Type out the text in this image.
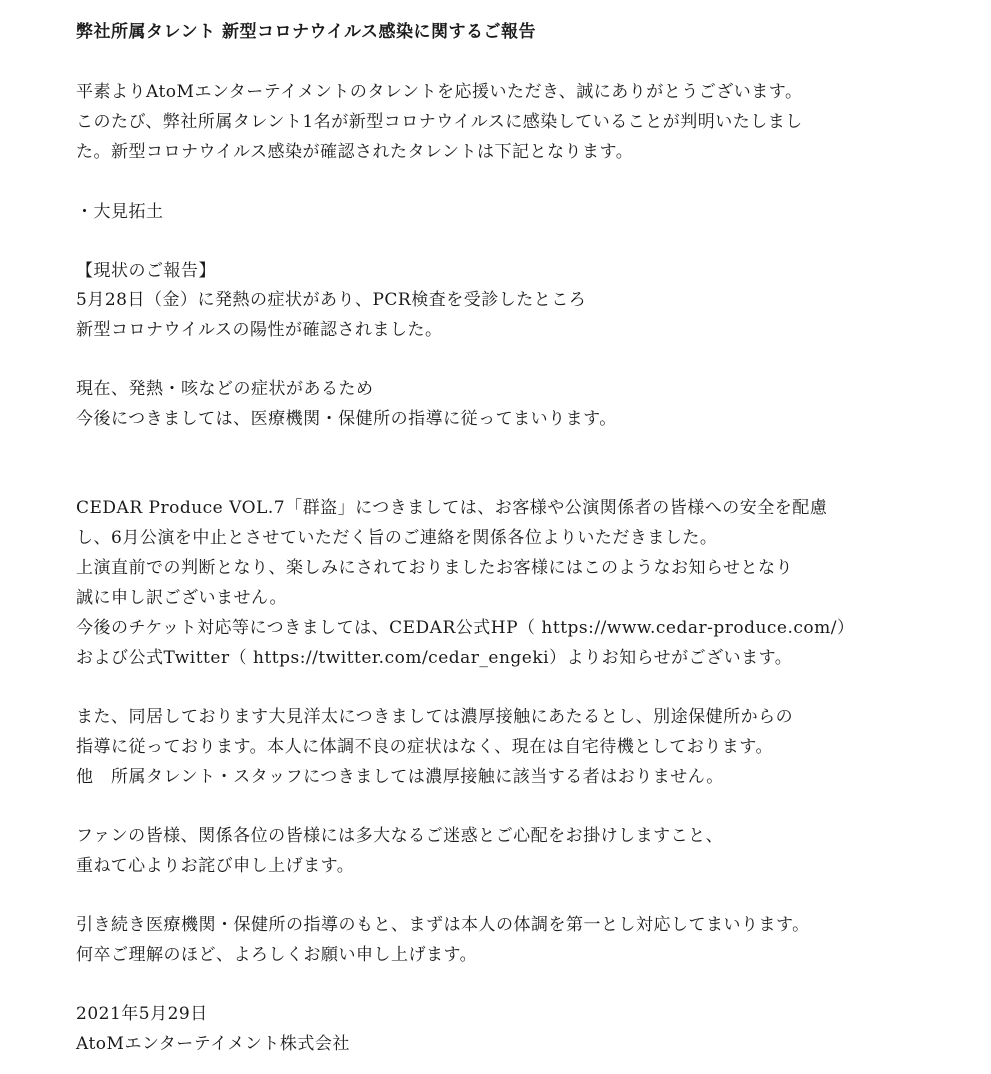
弊社所属タレント 新型コロナウイルス感染に関するご報告
平素よりAtoMエンターテイメントのタレントを応援いただき、誠にありがとうございます。
このたび、弊社所属タレント1名が新型コロナウイルスに感染していることが判明いたしまし
た。新型コロナウイルス感染が確認されたタレントは下記となります。
・大見拓土
【現状のご報告】
5月28日（金）に発熱の症状があり、PCR検査を受診したところ
新型コロナウイルスの陽性が確認されました。
現在、発熱・咳などの症状があるため
今後につきましては、医療機関・保健所の指導に従ってまいります。
CEDAR Produce VOL.7「群盗」につきましては、お客様や公演関係者の皆様への安全を配慮
し、6月公演を中止とさせていただく旨のご連絡を関係各位よりいただきました。
上演直前での判断となり、楽しみにされておりましたお客様にはこのようなお知らせとなり
誠に申し訳ございません。
今後のチケット対応等につきましては、CEDAR公式HP（ https://www.cedar-produce.com/）
および公式Twitter（ https://twitter.com/cedar_engeki）よりお知らせがございます。
また、同居しております大見洋太につきましては濃厚接触にあたるとし、別途保健所からの
指導に従っております。本人に体調不良の症状はなく、現在は自宅待機としております。
他　所属タレント・スタッフにつきましては濃厚接触に該当する者はおりません。
ファンの皆様、関係各位の皆様には多大なるご迷惑とご心配をお掛けしますこと、
重ねて心よりお詫び申し上げます。
引き続き医療機関・保健所の指導のもと、まずは本人の体調を第一とし対応してまいります。
何卒ご理解のほど、よろしくお願い申し上げます。
2021年5月29日
AtoMエンターテイメント株式会社
